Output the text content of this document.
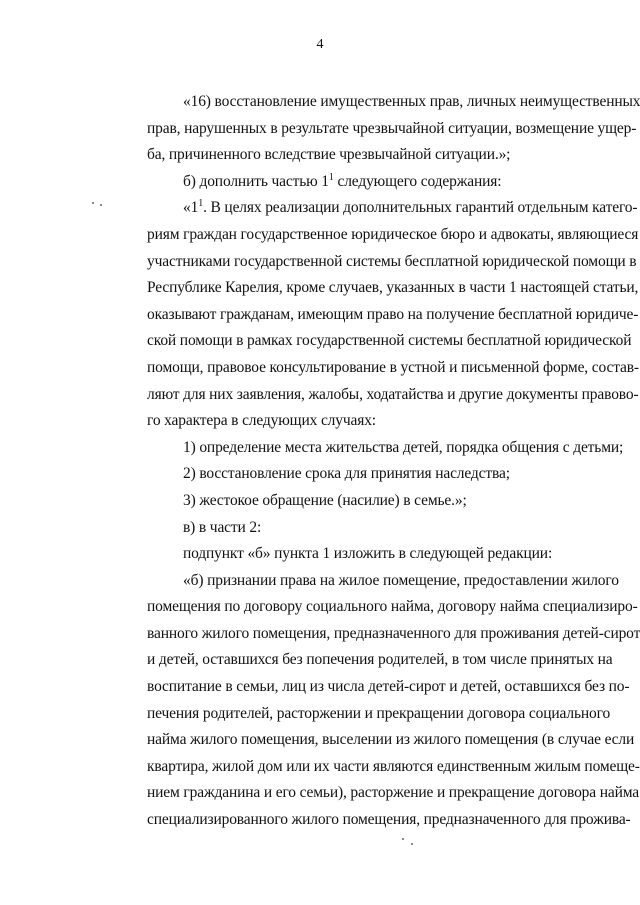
4
«16) восстановление имущественных прав, личных неимущественных
прав, нарушенных в результате чрезвычайной ситуации, возмещение ущер-
ба, причиненного вследствие чрезвычайной ситуации.»;
б) дополнить частью $1^1$ следующего содержания:
«$1^1$. В целях реализации дополнительных гарантий отдельным катего-
риям граждан государственное юридическое бюро и адвокаты, являющиеся
участниками государственной системы бесплатной юридической помощи в
Республике Карелия, кроме случаев, указанных в части 1 настоящей статьи,
оказывают гражданам, имеющим право на получение бесплатной юридиче-
ской помощи в рамках государственной системы бесплатной юридической
помощи, правовое консультирование в устной и письменной форме, состав-
ляют для них заявления, жалобы, ходатайства и другие документы правово-
го характера в следующих случаях:
1) определение места жительства детей, порядка общения с детьми;
2) восстановление срока для принятия наследства;
3) жестокое обращение (насилие) в семье.»;
в) в части 2:
подпункт «б» пункта 1 изложить в следующей редакции:
«б) признании права на жилое помещение, предоставлении жилого
помещения по договору социального найма, договору найма специализиро-
ванного жилого помещения, предназначенного для проживания детей-сирот
и детей, оставшихся без попечения родителей, в том числе принятых на
воспитание в семьи, лиц из числа детей-сирот и детей, оставшихся без по-
печения родителей, расторжении и прекращении договора социального
найма жилого помещения, выселении из жилого помещения (в случае если
квартира, жилой дом или их части являются единственным жилым помеще-
нием гражданина и его семьи), расторжение и прекращение договора найма
специализированного жилого помещения, предназначенного для прожива-
